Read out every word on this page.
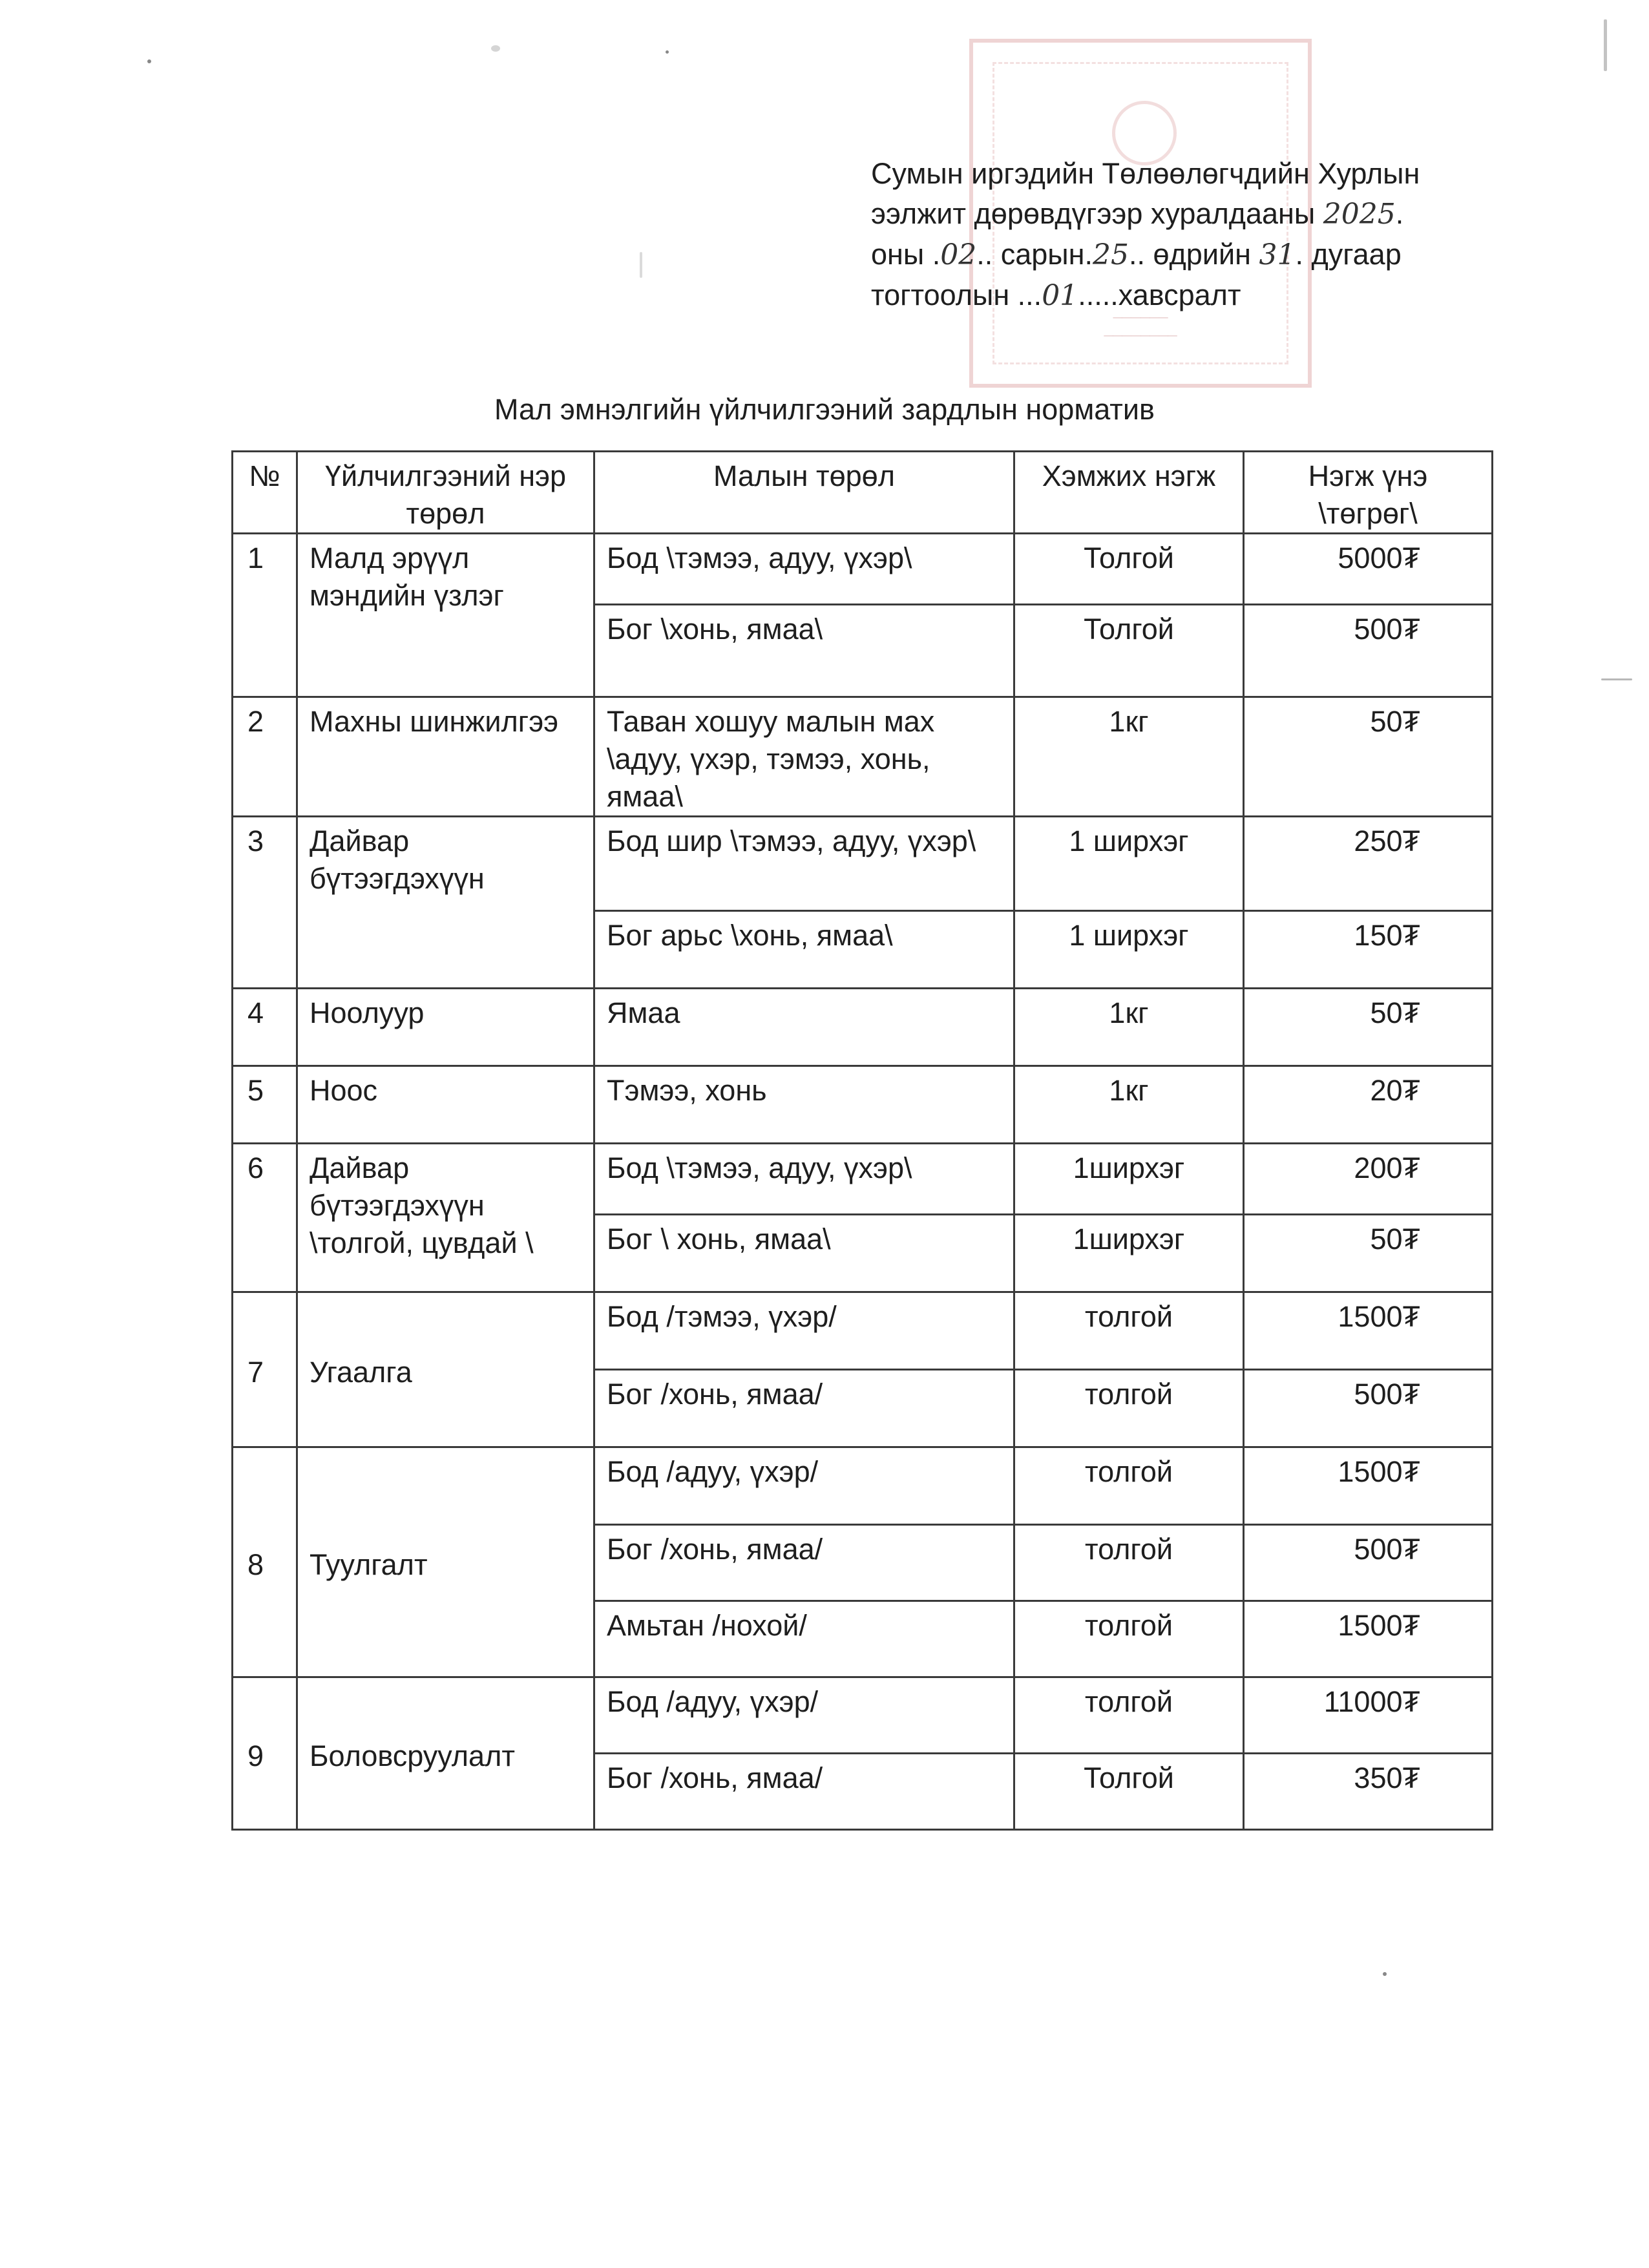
──────
────────
Сумын иргэдийн Төлөөлөгчдийн Хурлын
ээлжит дөрөвдүгээр хуралдааны 2025.
оны .02.. сарын.25.. өдрийн 31. дугаар
тогтоолын ...01.....хавсралт
Мал эмнэлгийн үйлчилгээний зардлын норматив
№	Үйлчилгээний нэр төрөл	Малын төрөл	Хэмжих нэгж	Нэгж үнэ \төгрөг\
1	Малд эрүүл мэндийн үзлэг	Бод \тэмээ, адуу, үхэр\	Толгой	5000₮
		Бог \хонь, ямаа\	Толгой	500₮
2	Махны шинжилгээ	Таван хошуу малын мах \адуу, үхэр, тэмээ, хонь, ямаа\	1кг	50₮
3	Дайвар бүтээгдэхүүн	Бод шир \тэмээ, адуу, үхэр\	1 ширхэг	250₮
		Бог арьс \хонь, ямаа\	1 ширхэг	150₮
4	Ноолуур	Ямаа	1кг	50₮
5	Ноос	Тэмээ, хонь	1кг	20₮
6	Дайвар бүтээгдэхүүн \толгой, цувдай \	Бод \тэмээ, адуу, үхэр\	1ширхэг	200₮
		Бог \ хонь, ямаа\	1ширхэг	50₮
7	Угаалга	Бод /тэмээ, үхэр/	толгой	1500₮
		Бог /хонь, ямаа/	толгой	500₮
8	Туулгалт	Бод /адуу, үхэр/	толгой	1500₮
		Бог /хонь, ямаа/	толгой	500₮
		Амьтан /нохой/	толгой	1500₮
9	Боловсруулалт	Бод /адуу, үхэр/	толгой	11000₮
		Бог /хонь, ямаа/	Толгой	350₮
